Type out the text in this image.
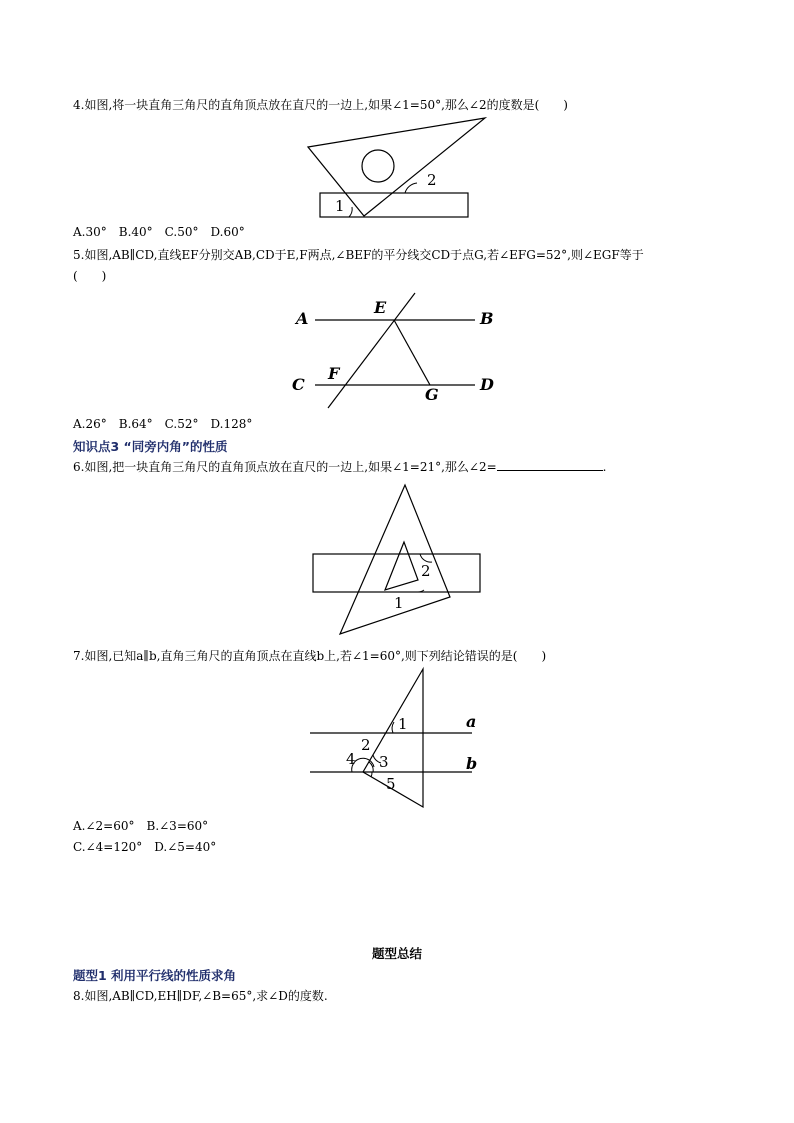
4.如图,将一块直角三角尺的直角顶点放在直尺的一边上,如果∠1=50°,那么∠2的度数是(　　)
1
2
A.30°　B.40°　C.50°　D.60°
5.如图,AB∥CD,直线EF分别交AB,CD于E,F两点,∠BEF的平分线交CD于点G,若∠EFG=52°,则∠EGF等于
(　　)
A
E
B
C
F
G
D
A.26°　B.64°　C.52°　D.128°
知识点3 “同旁内角”的性质
6.如图,把一块直角三角尺的直角顶点放在直尺的一边上,如果∠1=21°,那么∠2=	.
1
2
7.如图,已知a∥b,直角三角尺的直角顶点在直线b上,若∠1=60°,则下列结论错误的是(　　)
1	a
2
4 3	b
5
A.∠2=60°　B.∠3=60°
C.∠4=120°　D.∠5=40°
题型总结
题型1 利用平行线的性质求角
8.如图,AB∥CD,EH∥DF,∠B=65°,求∠D的度数.
